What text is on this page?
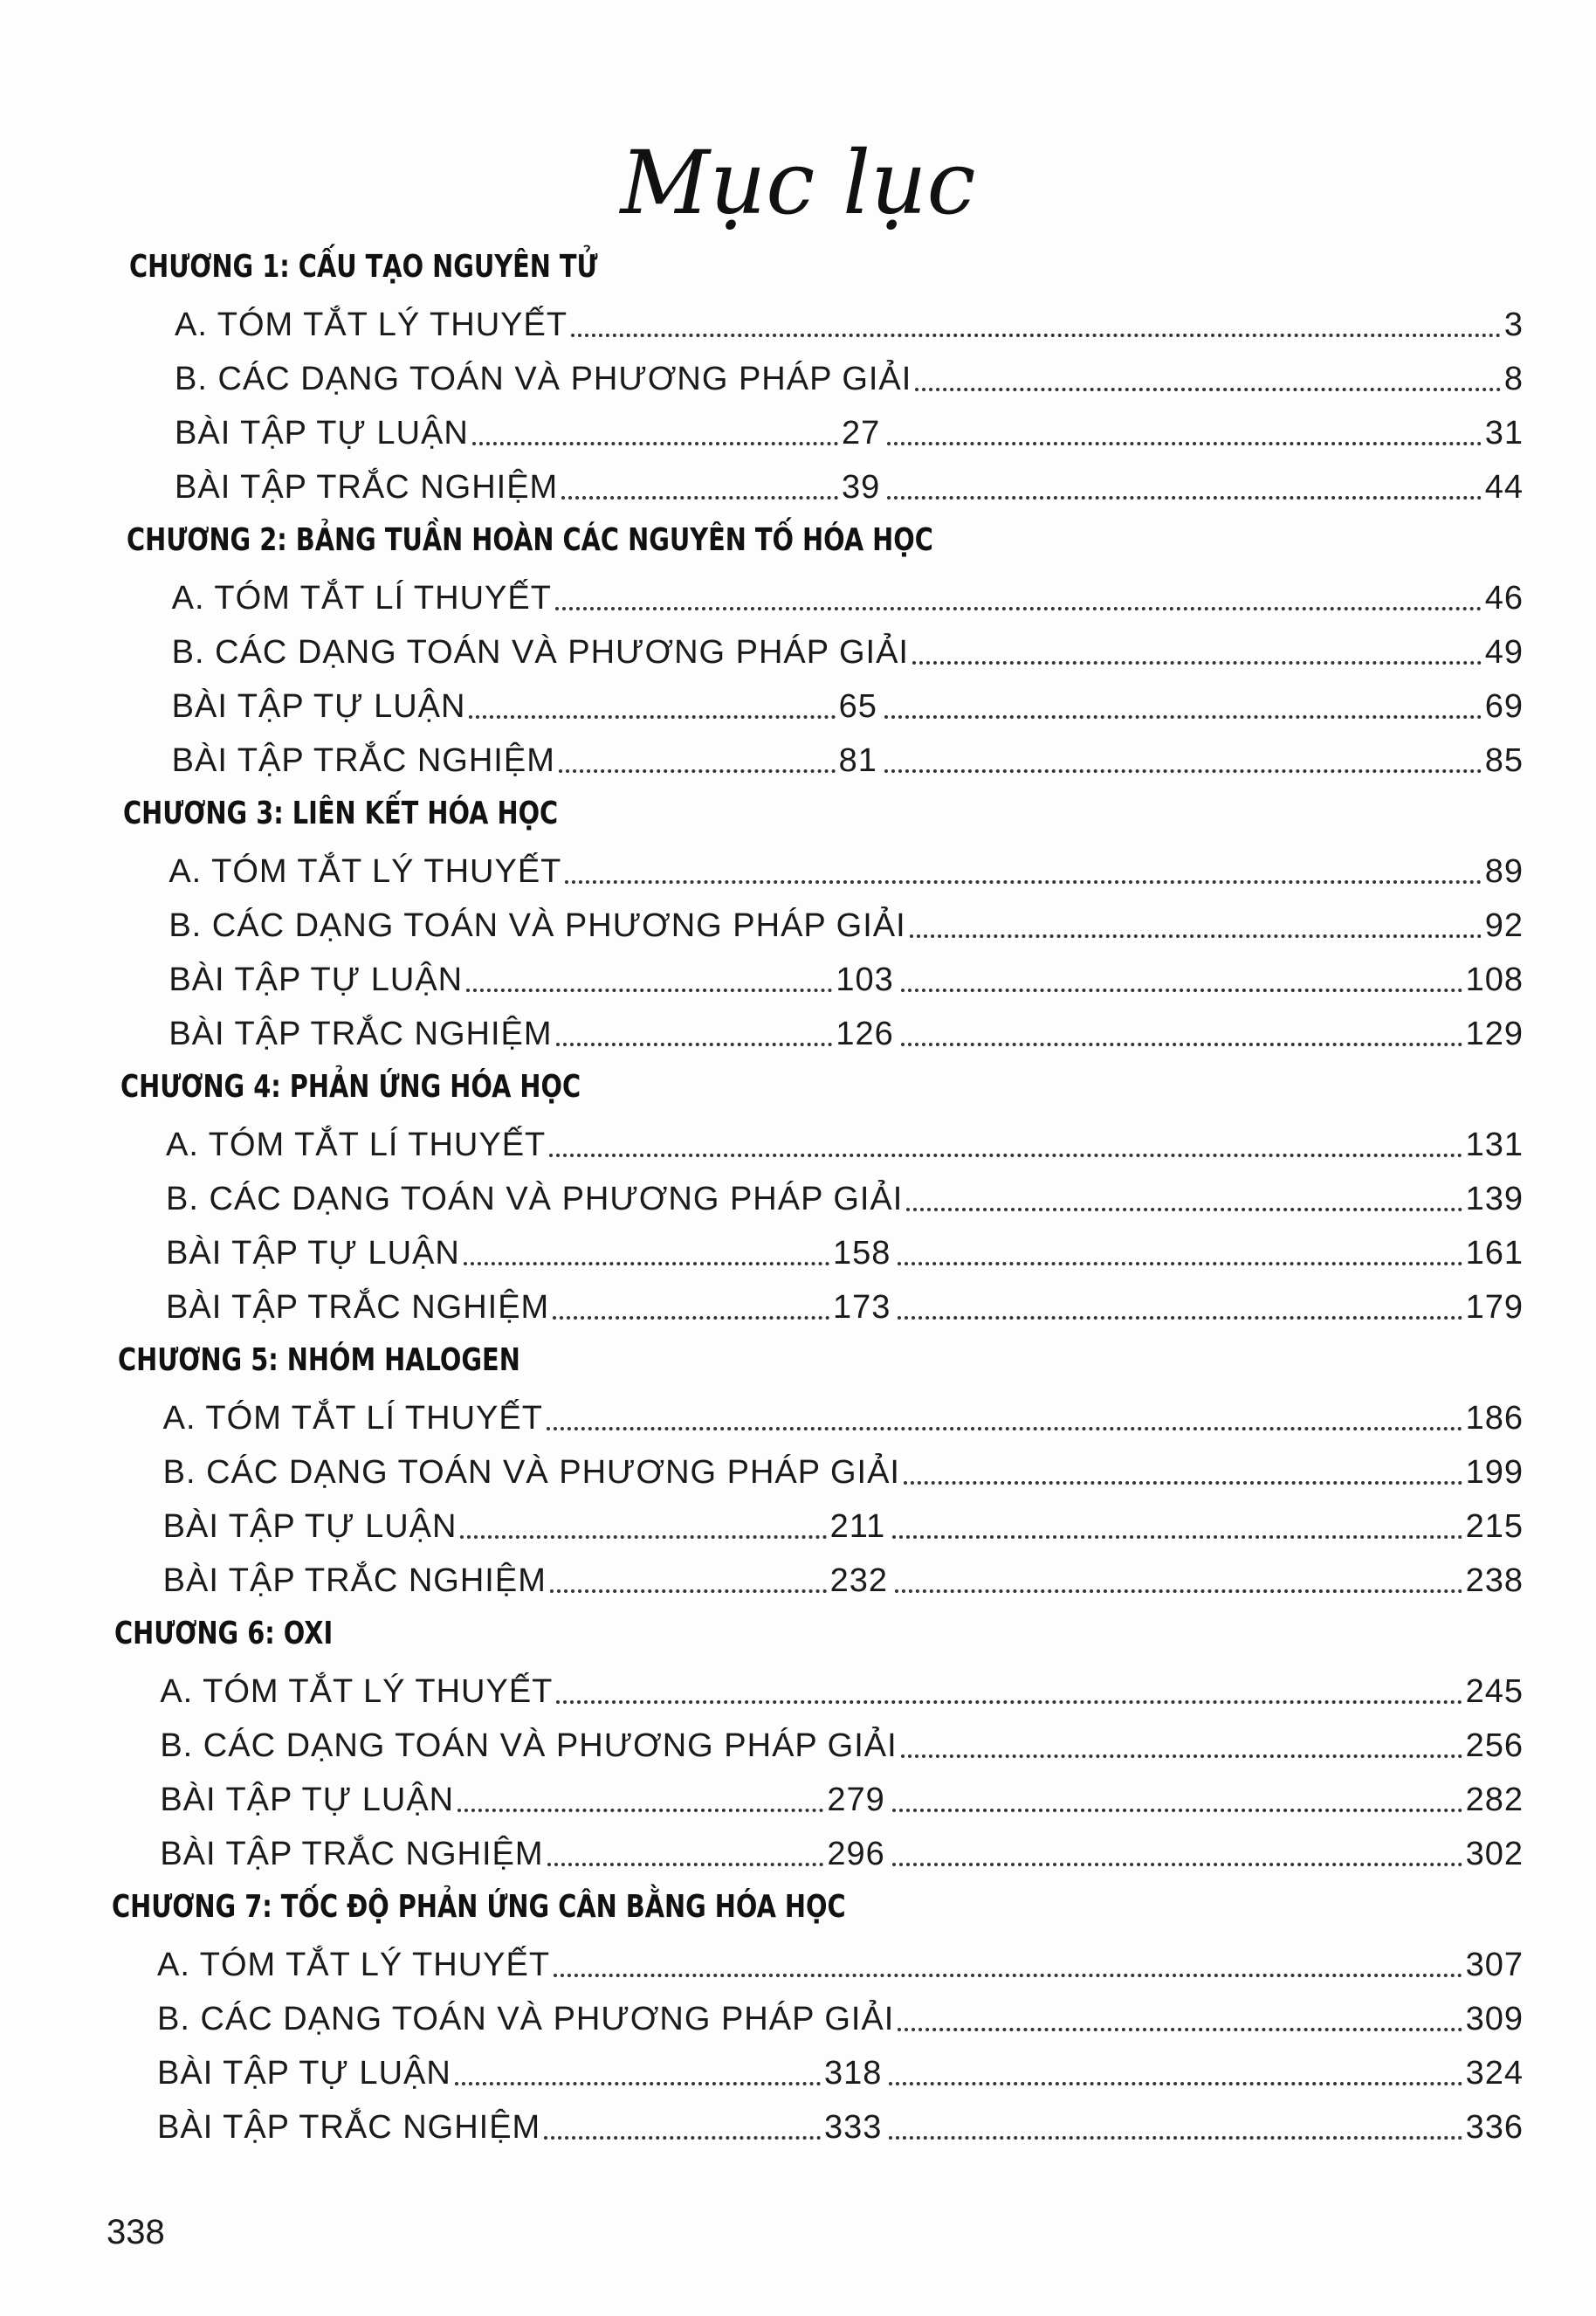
Mục lục
CHƯƠNG 1: CẤU TẠO NGUYÊN TỬ
A. TÓM TẮT LÝ THUYẾT	3
B. CÁC DẠNG TOÁN VÀ PHƯƠNG PHÁP GIẢI	8
BÀI TẬP TỰ LUẬN	27	31
BÀI TẬP TRẮC NGHIỆM	39	44
CHƯƠNG 2: BẢNG TUẦN HOÀN CÁC NGUYÊN TỐ HÓA HỌC
A. TÓM TẮT LÍ THUYẾT	46
B. CÁC DẠNG TOÁN VÀ PHƯƠNG PHÁP GIẢI	49
BÀI TẬP TỰ LUẬN	65	69
BÀI TẬP TRẮC NGHIỆM	81	85
CHƯƠNG 3: LIÊN KẾT HÓA HỌC
A. TÓM TẮT LÝ THUYẾT	89
B. CÁC DẠNG TOÁN VÀ PHƯƠNG PHÁP GIẢI	92
BÀI TẬP TỰ LUẬN	103	108
BÀI TẬP TRẮC NGHIỆM	126	129
CHƯƠNG 4: PHẢN ỨNG HÓA HỌC
A. TÓM TẮT LÍ THUYẾT	131
B. CÁC DẠNG TOÁN VÀ PHƯƠNG PHÁP GIẢI	139
BÀI TẬP TỰ LUẬN	158	161
BÀI TẬP TRẮC NGHIỆM	173	179
CHƯƠNG 5: NHÓM HALOGEN
A. TÓM TẮT LÍ THUYẾT	186
B. CÁC DẠNG TOÁN VÀ PHƯƠNG PHÁP GIẢI	199
BÀI TẬP TỰ LUẬN	211	215
BÀI TẬP TRẮC NGHIỆM	232	238
CHƯƠNG 6: OXI
A. TÓM TẮT LÝ THUYẾT	245
B. CÁC DẠNG TOÁN VÀ PHƯƠNG PHÁP GIẢI	256
BÀI TẬP TỰ LUẬN	279	282
BÀI TẬP TRẮC NGHIỆM	296	302
CHƯƠNG 7: TỐC ĐỘ PHẢN ỨNG CÂN BẰNG HÓA HỌC
A. TÓM TẮT LÝ THUYẾT	307
B. CÁC DẠNG TOÁN VÀ PHƯƠNG PHÁP GIẢI	309
BÀI TẬP TỰ LUẬN	318	324
BÀI TẬP TRẮC NGHIỆM	333	336
338
